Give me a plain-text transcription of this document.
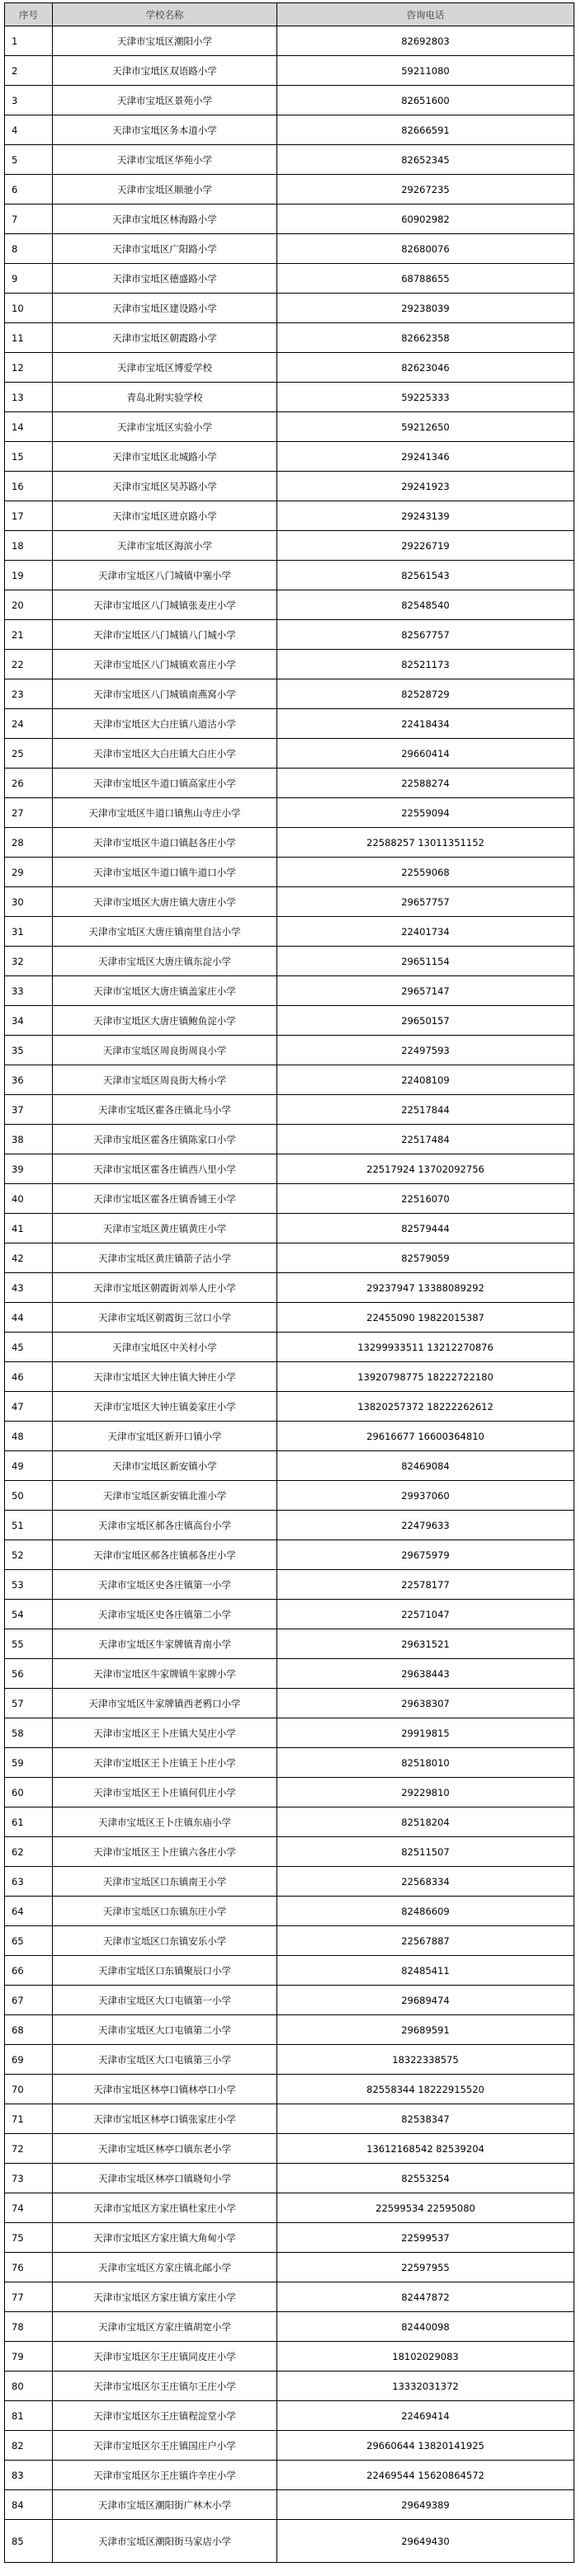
序号	学校名称	咨询电话
1	天津市宝坻区潮阳小学	82692803
2	天津市宝坻区双语路小学	59211080
3	天津市宝坻区景苑小学	82651600
4	天津市宝坻区务本道小学	82666591
5	天津市宝坻区华苑小学	82652345
6	天津市宝坻区顺驰小学	29267235
7	天津市宝坻区林海路小学	60902982
8	天津市宝坻区广阳路小学	82680076
9	天津市宝坻区德盛路小学	68788655
10	天津市宝坻区建设路小学	29238039
11	天津市宝坻区朝霞路小学	82662358
12	天津市宝坻区博爱学校	82623046
13	青岛北附实验学校	59225333
14	天津市宝坻区实验小学	59212650
15	天津市宝坻区北城路小学	29241346
16	天津市宝坻区吴苏路小学	29241923
17	天津市宝坻区进京路小学	29243139
18	天津市宝坻区海滨小学	29226719
19	天津市宝坻区八门城镇中塞小学	82561543
20	天津市宝坻区八门城镇张麦庄小学	82548540
21	天津市宝坻区八门城镇八门城小学	82567757
22	天津市宝坻区八门城镇欢喜庄小学	82521173
23	天津市宝坻区八门城镇南燕窝小学	82528729
24	天津市宝坻区大白庄镇八道沽小学	22418434
25	天津市宝坻区大白庄镇大白庄小学	29660414
26	天津市宝坻区牛道口镇高家庄小学	22588274
27	天津市宝坻区牛道口镇焦山寺庄小学	22559094
28	天津市宝坻区牛道口镇赵各庄小学	22588257 13011351152
29	天津市宝坻区牛道口镇牛道口小学	22559068
30	天津市宝坻区大唐庄镇大唐庄小学	29657757
31	天津市宝坻区大唐庄镇南里自沽小学	22401734
32	天津市宝坻区大唐庄镇东淀小学	29651154
33	天津市宝坻区大唐庄镇盖家庄小学	29657147
34	天津市宝坻区大唐庄镇鲍鱼淀小学	29650157
35	天津市宝坻区周良街周良小学	22497593
36	天津市宝坻区周良街大杨小学	22408109
37	天津市宝坻区霍各庄镇北马小学	22517844
38	天津市宝坻区霍各庄镇陈家口小学	22517484
39	天津市宝坻区霍各庄镇西八里小学	22517924 13702092756
40	天津市宝坻区霍各庄镇香铺王小学	22516070
41	天津市宝坻区黄庄镇黄庄小学	82579444
42	天津市宝坻区黄庄镇箭子沽小学	82579059
43	天津市宝坻区朝霞街刘举人庄小学	29237947 13388089292
44	天津市宝坻区朝霞街三岔口小学	22455090 19822015387
45	天津市宝坻区中关村小学	13299933511 13212270876
46	天津市宝坻区大钟庄镇大钟庄小学	13920798775 18222722180
47	天津市宝坻区大钟庄镇姜家庄小学	13820257372 18222262612
48	天津市宝坻区新开口镇小学	29616677 16600364810
49	天津市宝坻区新安镇小学	82469084
50	天津市宝坻区新安镇北淮小学	29937060
51	天津市宝坻区郝各庄镇高台小学	22479633
52	天津市宝坻区郝各庄镇郝各庄小学	29675979
53	天津市宝坻区史各庄镇第一小学	22578177
54	天津市宝坻区史各庄镇第二小学	22571047
55	天津市宝坻区牛家牌镇青南小学	29631521
56	天津市宝坻区牛家牌镇牛家牌小学	29638443
57	天津市宝坻区牛家牌镇西老鸦口小学	29638307
58	天津市宝坻区王卜庄镇大吴庄小学	29919815
59	天津市宝坻区王卜庄镇王卜庄小学	82518010
60	天津市宝坻区王卜庄镇何仉庄小学	29229810
61	天津市宝坻区王卜庄镇东庙小学	82518204
62	天津市宝坻区王卜庄镇六各庄小学	82511507
63	天津市宝坻区口东镇南王小学	22568334
64	天津市宝坻区口东镇东庄小学	82486609
65	天津市宝坻区口东镇安乐小学	22567887
66	天津市宝坻区口东镇聚辰口小学	82485411
67	天津市宝坻区大口屯镇第一小学	29689474
68	天津市宝坻区大口屯镇第二小学	29689591
69	天津市宝坻区大口屯镇第三小学	18322338575
70	天津市宝坻区林亭口镇林亭口小学	82558344 18222915520
71	天津市宝坻区林亭口镇张家庄小学	82538347
72	天津市宝坻区林亭口镇东老小学	13612168542 82539204
73	天津市宝坻区林亭口镇晓旬小学	82553254
74	天津市宝坻区方家庄镇杜家庄小学	22599534 22595080
75	天津市宝坻区方家庄镇大角甸小学	22599537
76	天津市宝坻区方家庄镇北邮小学	22597955
77	天津市宝坻区方家庄镇方家庄小学	82447872
78	天津市宝坻区方家庄镇胡宽小学	82440098
79	天津市宝坻区尔王庄镇同皮庄小学	18102029083
80	天津市宝坻区尔王庄镇尔王庄小学	13332031372
81	天津市宝坻区尔王庄镇程淀堂小学	22469414
82	天津市宝坻区尔王庄镇国庄户小学	29660644 13820141925
83	天津市宝坻区尔王庄镇许辛庄小学	22469544 15620864572
84	天津市宝坻区潮阳街广林木小学	29649389
85	天津市宝坻区潮阳街马家店小学	29649430
